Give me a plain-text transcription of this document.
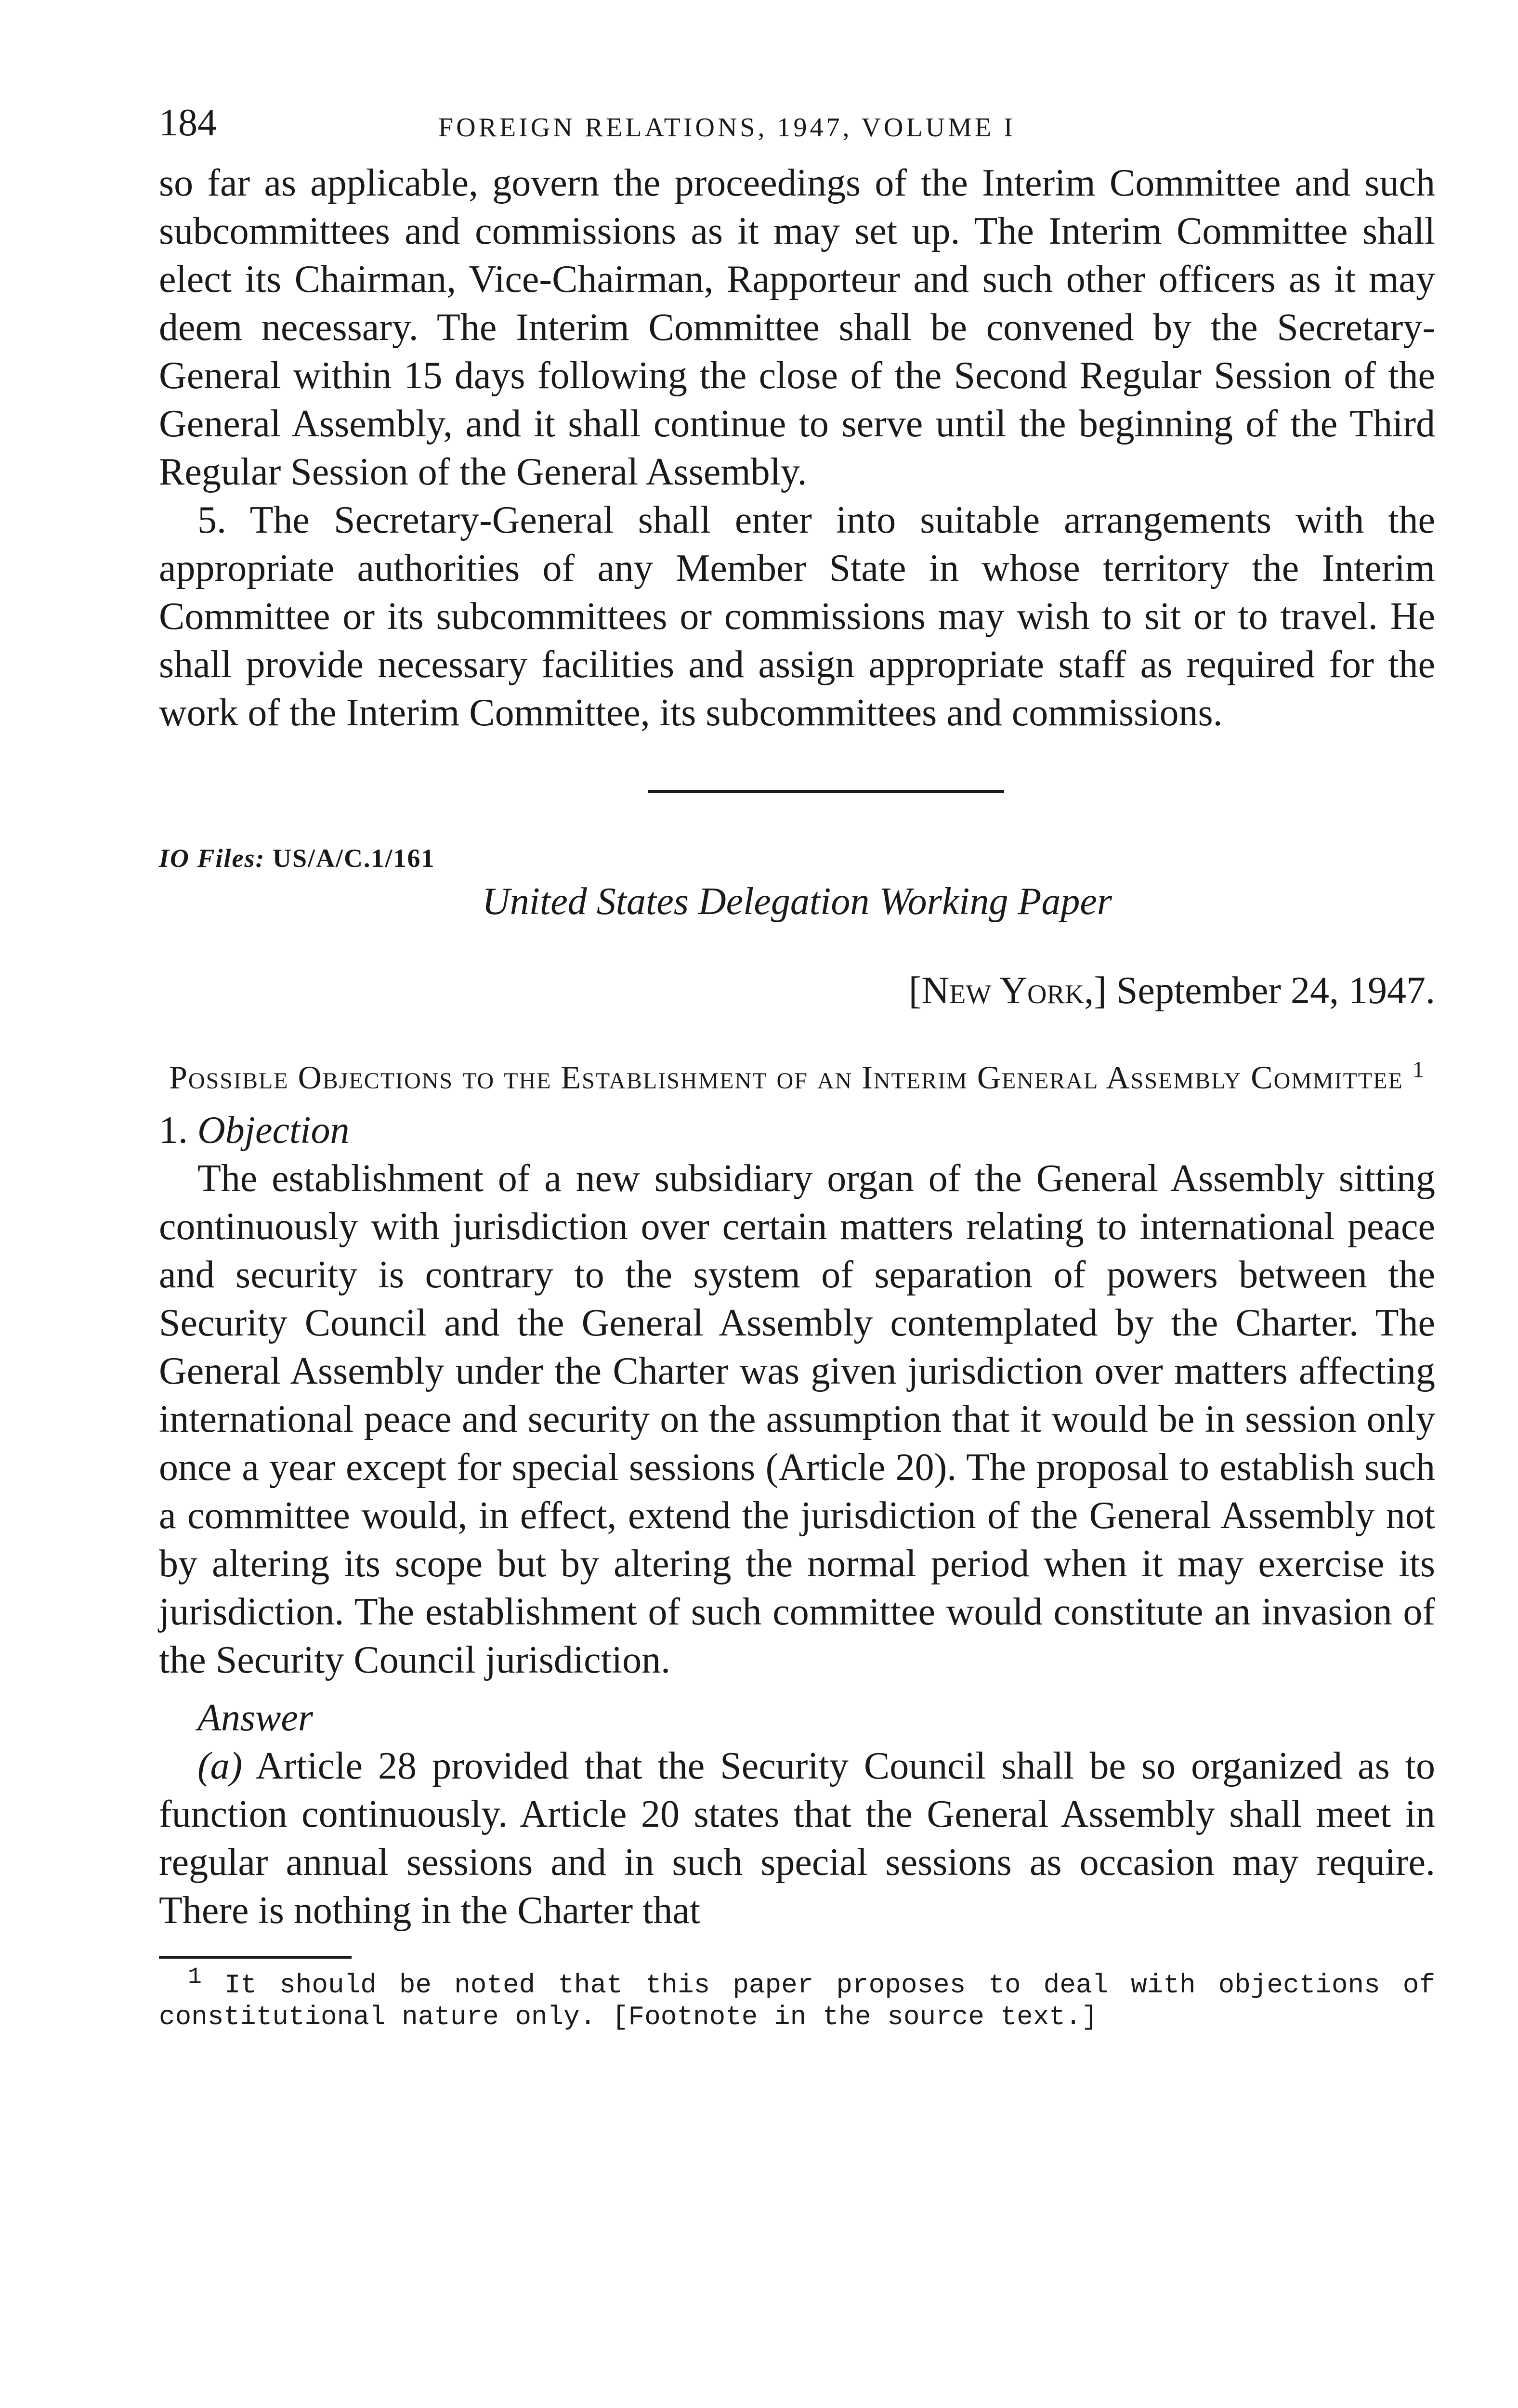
184	FOREIGN RELATIONS, 1947, VOLUME I

so far as applicable, govern the proceedings of the Interim Committee and such subcommittees and commissions as it may set up. The Interim Committee shall elect its Chairman, Vice-Chairman, Rapporteur and such other officers as it may deem necessary. The Interim Committee shall be convened by the Secretary-General within 15 days following the close of the Second Regular Session of the General Assembly, and it shall continue to serve until the beginning of the Third Regular Session of the General Assembly.

5. The Secretary-General shall enter into suitable arrangements with the appropriate authorities of any Member State in whose territory the Interim Committee or its subcommittees or commissions may wish to sit or to travel. He shall provide necessary facilities and assign appropriate staff as required for the work of the Interim Committee, its subcommittees and commissions.

IO Files: US/A/C.1/161

United States Delegation Working Paper

[New York,] September 24, 1947.
Possible Objections to the Establishment of an Interim General Assembly Committee $^1$
1. Objection

The establishment of a new subsidiary organ of the General Assembly sitting continuously with jurisdiction over certain matters relating to international peace and security is contrary to the system of separation of powers between the Security Council and the General Assembly contemplated by the Charter. The General Assembly under the Charter was given jurisdiction over matters affecting international peace and security on the assumption that it would be in session only once a year except for special sessions (Article 20). The proposal to establish such a committee would, in effect, extend the jurisdiction of the General Assembly not by altering its scope but by altering the normal period when it may exercise its jurisdiction. The establishment of such committee would constitute an invasion of the Security Council jurisdiction.

Answer

(a) Article 28 provided that the Security Council shall be so organized as to function continuously. Article 20 states that the General Assembly shall meet in regular annual sessions and in such special sessions as occasion may require. There is nothing in the Charter that

$^1$ It should be noted that this paper proposes to deal with objections of constitutional nature only. [Footnote in the source text.]
